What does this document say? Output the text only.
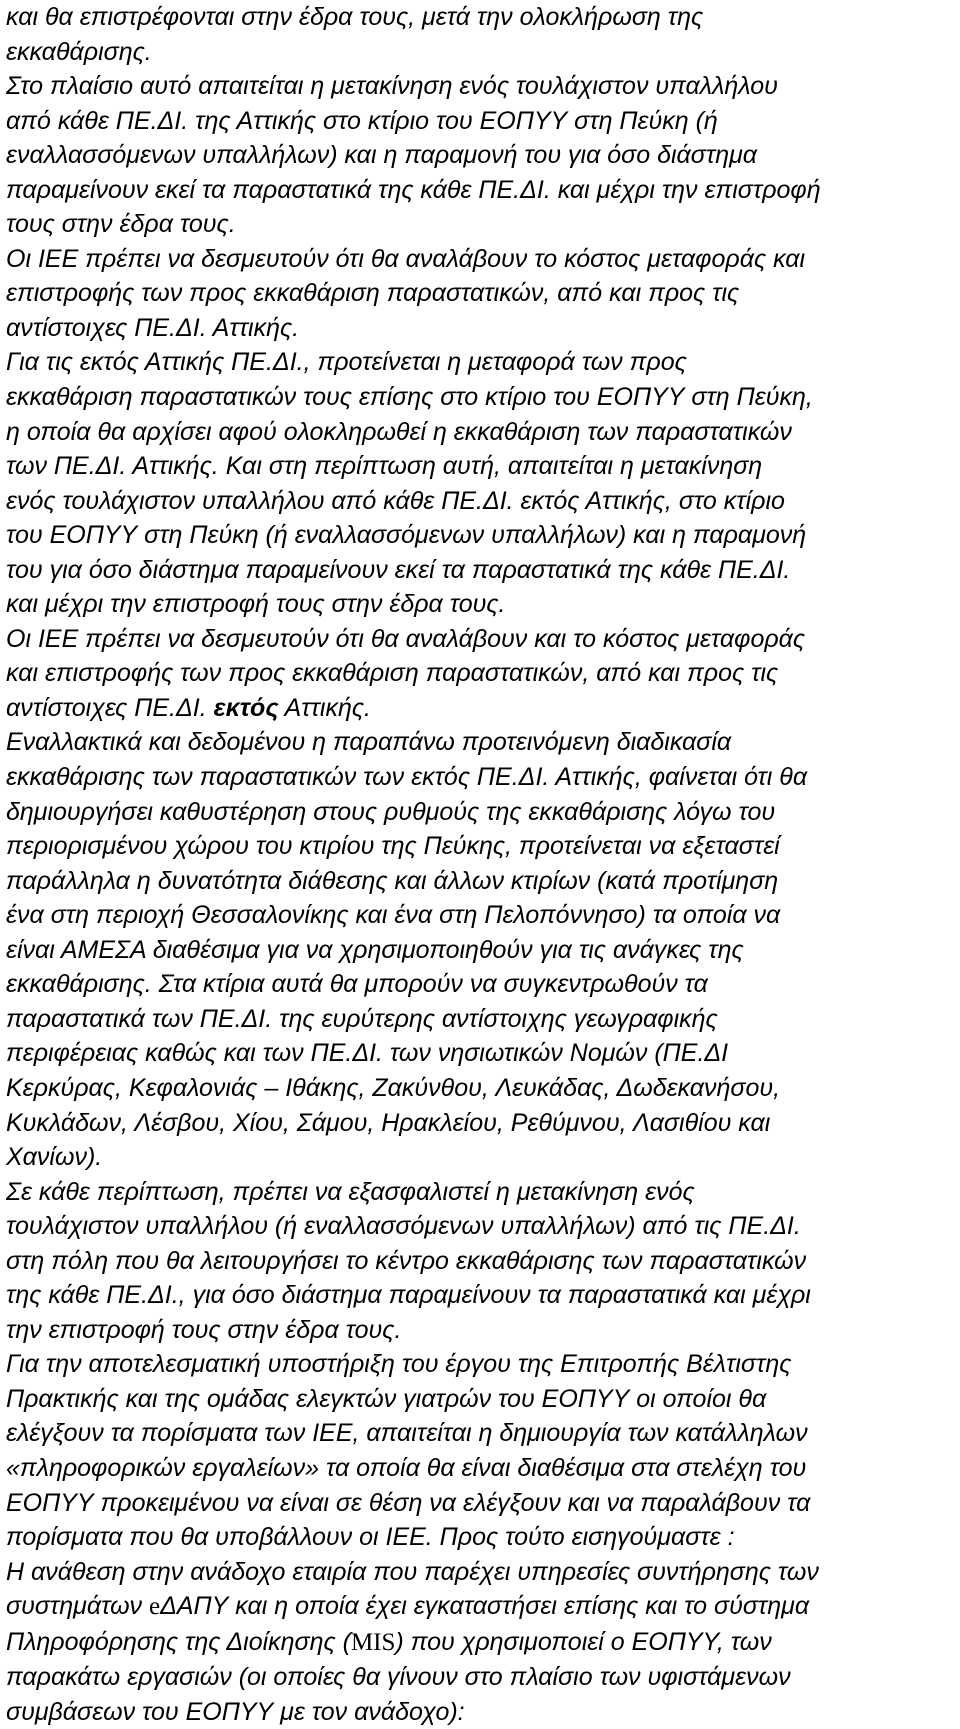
και θα επιστρέφονται στην έδρα τους, μετά την ολοκλήρωση της
εκκαθάρισης.
Στο πλαίσιο αυτό απαιτείται η μετακίνηση ενός τουλάχιστον υπαλλήλου
από κάθε ΠΕ.ΔΙ. της Αττικής στο κτίριο του ΕΟΠΥΥ στη Πεύκη (ή
εναλλασσόμενων υπαλλήλων) και η παραμονή του για όσο διάστημα
παραμείνουν εκεί τα παραστατικά της κάθε ΠΕ.ΔΙ. και μέχρι την επιστροφή
τους στην έδρα τους.
Οι ΙΕΕ πρέπει να δεσμευτούν ότι θα αναλάβουν το κόστος μεταφοράς και
επιστροφής των προς εκκαθάριση παραστατικών, από και προς τις
αντίστοιχες ΠΕ.ΔΙ. Αττικής.
Για τις εκτός Αττικής ΠΕ.ΔΙ., προτείνεται η μεταφορά των προς
εκκαθάριση παραστατικών τους επίσης στο κτίριο του ΕΟΠΥΥ στη Πεύκη,
η οποία θα αρχίσει αφού ολοκληρωθεί η εκκαθάριση των παραστατικών
των ΠΕ.ΔΙ. Αττικής. Και στη περίπτωση αυτή, απαιτείται η μετακίνηση
ενός τουλάχιστον υπαλλήλου από κάθε ΠΕ.ΔΙ. εκτός Αττικής, στο κτίριο
του ΕΟΠΥΥ στη Πεύκη (ή εναλλασσόμενων υπαλλήλων) και η παραμονή
του για όσο διάστημα παραμείνουν εκεί τα παραστατικά της κάθε ΠΕ.ΔΙ.
και μέχρι την επιστροφή τους στην έδρα τους.
Οι ΙΕΕ πρέπει να δεσμευτούν ότι θα αναλάβουν και το κόστος μεταφοράς
και επιστροφής των προς εκκαθάριση παραστατικών, από και προς τις
αντίστοιχες ΠΕ.ΔΙ. εκτός Αττικής.
Εναλλακτικά και δεδομένου η παραπάνω προτεινόμενη διαδικασία
εκκαθάρισης των παραστατικών των εκτός ΠΕ.ΔΙ. Αττικής, φαίνεται ότι θα
δημιουργήσει καθυστέρηση στους ρυθμούς της εκκαθάρισης λόγω του
περιορισμένου χώρου του κτιρίου της Πεύκης, προτείνεται να εξεταστεί
παράλληλα η δυνατότητα διάθεσης και άλλων κτιρίων (κατά προτίμηση
ένα στη περιοχή Θεσσαλονίκης και ένα στη Πελοπόννησο) τα οποία να
είναι ΑΜΕΣΑ διαθέσιμα για να χρησιμοποιηθούν για τις ανάγκες της
εκκαθάρισης. Στα κτίρια αυτά θα μπορούν να συγκεντρωθούν τα
παραστατικά των ΠΕ.ΔΙ. της ευρύτερης αντίστοιχης γεωγραφικής
περιφέρειας καθώς και των ΠΕ.ΔΙ. των νησιωτικών Νομών (ΠΕ.ΔΙ
Κερκύρας, Κεφαλονιάς – Ιθάκης, Ζακύνθου, Λευκάδας, Δωδεκανήσου,
Κυκλάδων, Λέσβου, Χίου, Σάμου, Ηρακλείου, Ρεθύμνου, Λασιθίου και
Χανίων).
Σε κάθε περίπτωση, πρέπει να εξασφαλιστεί η μετακίνηση ενός
τουλάχιστον υπαλλήλου (ή εναλλασσόμενων υπαλλήλων) από τις ΠΕ.ΔΙ.
στη πόλη που θα λειτουργήσει το κέντρο εκκαθάρισης των παραστατικών
της κάθε ΠΕ.ΔΙ., για όσο διάστημα παραμείνουν τα παραστατικά και μέχρι
την επιστροφή τους στην έδρα τους.
Για την αποτελεσματική υποστήριξη του έργου της Επιτροπής Βέλτιστης
Πρακτικής και της ομάδας ελεγκτών γιατρών του ΕΟΠΥΥ οι οποίοι θα
ελέγξουν τα πορίσματα των ΙΕΕ, απαιτείται η δημιουργία των κατάλληλων
«πληροφορικών εργαλείων» τα οποία θα είναι διαθέσιμα στα στελέχη του
ΕΟΠΥΥ προκειμένου να είναι σε θέση να ελέγξουν και να παραλάβουν τα
πορίσματα που θα υποβάλλουν οι ΙΕΕ. Προς τούτο εισηγούμαστε :
Η ανάθεση στην ανάδοχο εταιρία που παρέχει υπηρεσίες συντήρησης των
συστημάτων eΔΑΠΥ και η οποία έχει εγκαταστήσει επίσης και το σύστημα
Πληροφόρησης της Διοίκησης (MIS) που χρησιμοποιεί ο ΕΟΠΥΥ, των
παρακάτω εργασιών (οι οποίες θα γίνουν στο πλαίσιο των υφιστάμενων
συμβάσεων του ΕΟΠΥΥ με τον ανάδοχο):
